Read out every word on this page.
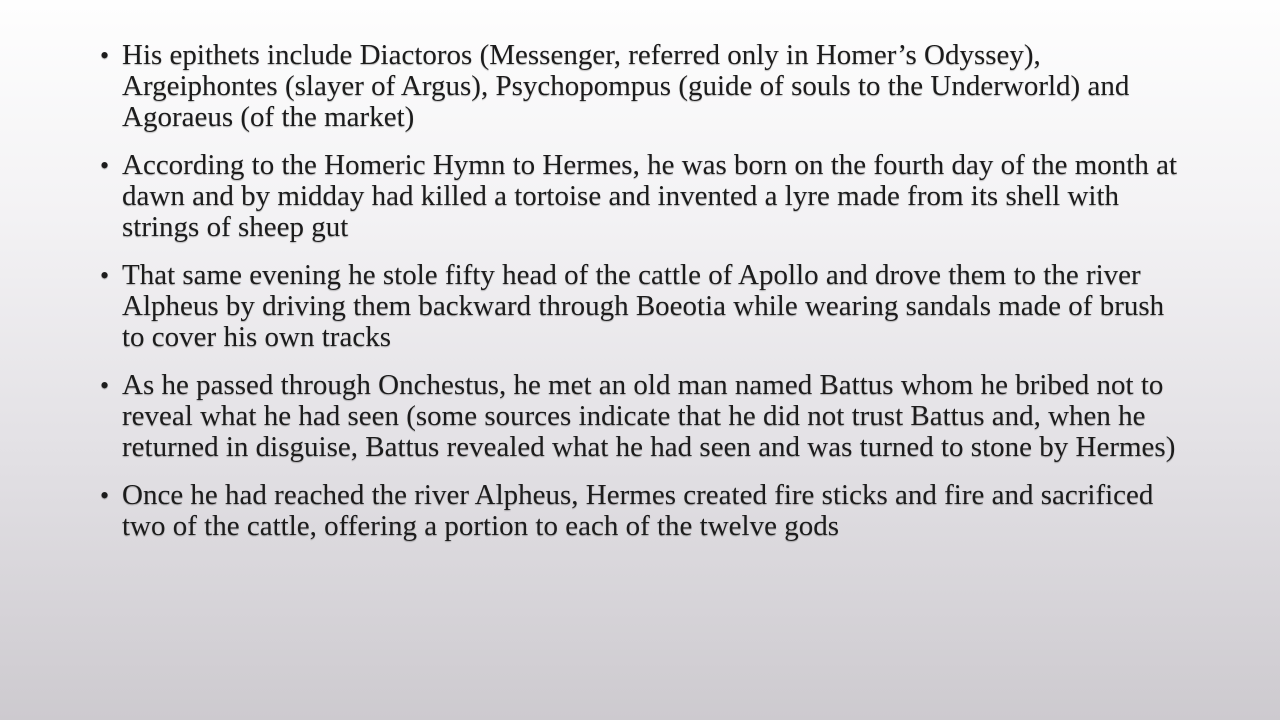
• His epithets include Diactoros (Messenger, referred only in Homer’s Odyssey), Argeiphontes (slayer of Argus), Psychopompus (guide of souls to the Underworld) and Agoraeus (of the market)
• According to the Homeric Hymn to Hermes, he was born on the fourth day of the month at dawn and by midday had killed a tortoise and invented a lyre made from its shell with strings of sheep gut
• That same evening he stole fifty head of the cattle of Apollo and drove them to the river Alpheus by driving them backward through Boeotia while wearing sandals made of brush to cover his own tracks
• As he passed through Onchestus, he met an old man named Battus whom he bribed not to reveal what he had seen (some sources indicate that he did not trust Battus and, when he returned in disguise, Battus revealed what he had seen and was turned to stone by Hermes)
• Once he had reached the river Alpheus, Hermes created fire sticks and fire and sacrificed two of the cattle, offering a portion to each of the twelve gods
